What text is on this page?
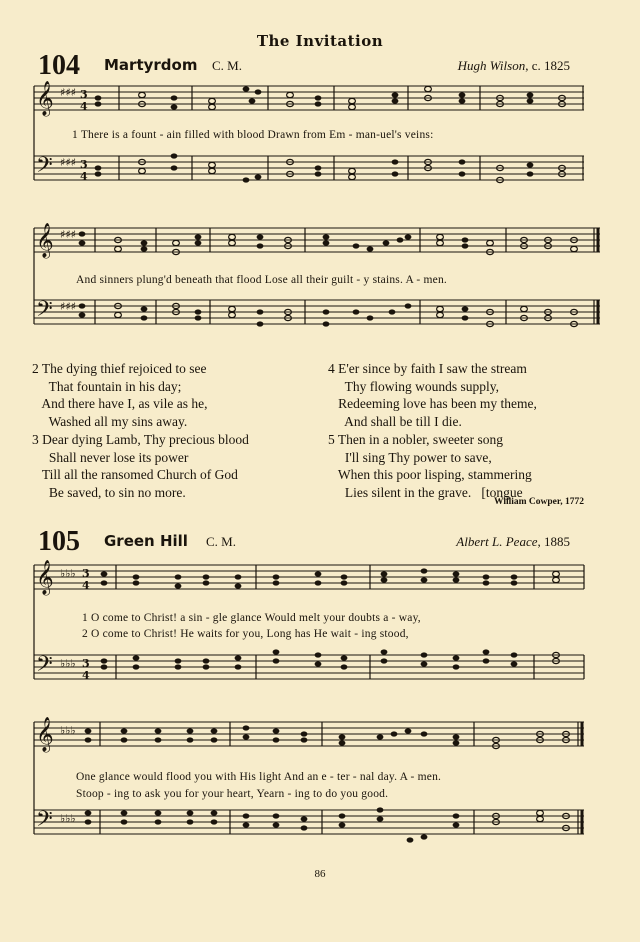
The Invitation
104 Martyrdom C. M.	Hugh Wilson, c. 1825
𝄞
𝄢
♯♯♯
♯♯♯
3
4
3
4
1 There is a fount - ain filled with blood Drawn from Em - man-uel's veins:
𝄞
𝄢
♯♯♯
♯♯♯
And sinners plung'd beneath that flood Lose all their guilt - y stains. A - men.
2 The dying thief rejoiced to see
That fountain in his day;
And there have I, as vile as he,
Washed all my sins away.
3 Dear dying Lamb, Thy precious blood
Shall never lose its power
Till all the ransomed Church of God
Be saved, to sin no more.
4 E'er since by faith I saw the stream
Thy flowing wounds supply,
Redeeming love has been my theme,
And shall be till I die.
5 Then in a nobler, sweeter song
I'll sing Thy power to save,
When this poor lisping, stammering
Lies silent in the grave.   [tongue
William Cowper, 1772
105 Green Hill C. M.	Albert L. Peace, 1885
𝄞
𝄢
♭♭♭
♭♭♭
3
4
3
4
1 O come to Christ! a sin - gle glance Would melt your doubts a - way,
2 O come to Christ! He waits for you, Long has He wait - ing stood,
𝄞
𝄢
♭♭♭
♭♭♭
One glance would flood you with His light And an e - ter - nal day. A - men.
Stoop - ing to ask you for your heart, Yearn - ing to do you good.
86
